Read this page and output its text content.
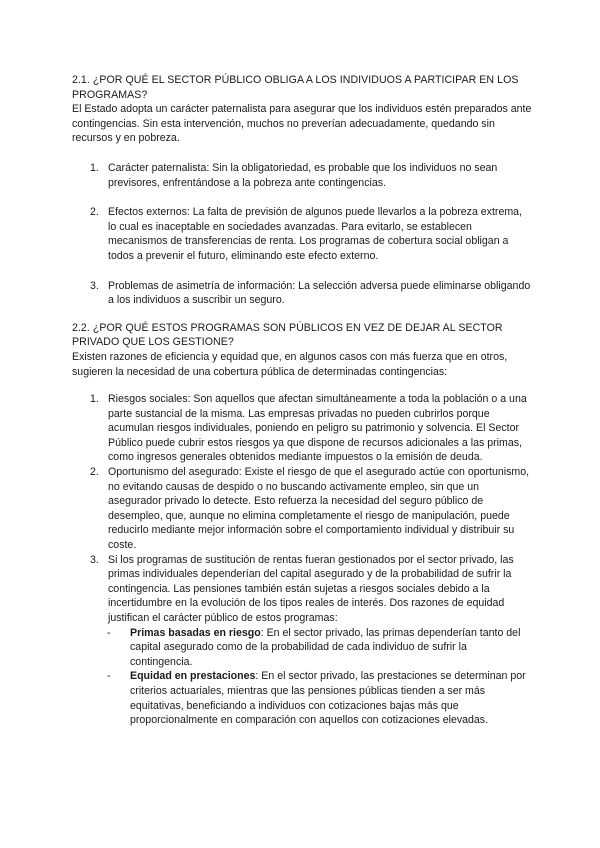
2.1. ¿POR QUÉ EL SECTOR PÚBLICO OBLIGA A LOS INDIVIDUOS A PARTICIPAR EN LOS PROGRAMAS?

El Estado adopta un carácter paternalista para asegurar que los individuos estén preparados ante contingencias. Sin esta intervención, muchos no preverían adecuadamente, quedando sin recursos y en pobreza.

1. Carácter paternalista: Sin la obligatoriedad, es probable que los individuos no sean previsores, enfrentándose a la pobreza ante contingencias.
2. Efectos externos: La falta de previsión de algunos puede llevarlos a la pobreza extrema, lo cual es inaceptable en sociedades avanzadas. Para evitarlo, se establecen mecanismos de transferencias de renta. Los programas de cobertura social obligan a todos a prevenir el futuro, eliminando este efecto externo.
3. Problemas de asimetría de información: La selección adversa puede eliminarse obligando a los individuos a suscribir un seguro.
2.2. ¿POR QUÉ ESTOS PROGRAMAS SON PÚBLICOS EN VEZ DE DEJAR AL SECTOR PRIVADO QUE LOS GESTIONE?

Existen razones de eficiencia y equidad que, en algunos casos con más fuerza que en otros, sugieren la necesidad de una cobertura pública de determinadas contingencias:

1. Riesgos sociales: Son aquellos que afectan simultáneamente a toda la población o a una parte sustancial de la misma. Las empresas privadas no pueden cubrirlos porque acumulan riesgos individuales, poniendo en peligro su patrimonio y solvencia. El Sector Público puede cubrir estos riesgos ya que dispone de recursos adicionales a las primas, como ingresos generales obtenidos mediante impuestos o la emisión de deuda.
2. Oportunismo del asegurado: Existe el riesgo de que el asegurado actúe con oportunismo, no evitando causas de despido o no buscando activamente empleo, sin que un asegurador privado lo detecte. Esto refuerza la necesidad del seguro público de desempleo, que, aunque no elimina completamente el riesgo de manipulación, puede reducirlo mediante mejor información sobre el comportamiento individual y distribuir su coste.
3. Si los programas de sustitución de rentas fueran gestionados por el sector privado, las primas individuales dependerían del capital asegurado y de la probabilidad de sufrir la contingencia. Las pensiones también están sujetas a riesgos sociales debido a la incertidumbre en la evolución de los tipos reales de interés. Dos razones de equidad justifican el carácter público de estos programas:
- Primas basadas en riesgo: En el sector privado, las primas dependerían tanto del capital asegurado como de la probabilidad de cada individuo de sufrir la contingencia.
- Equidad en prestaciones: En el sector privado, las prestaciones se determinan por criterios actuariales, mientras que las pensiones públicas tienden a ser más equitativas, beneficiando a individuos con cotizaciones bajas más que proporcionalmente en comparación con aquellos con cotizaciones elevadas.
